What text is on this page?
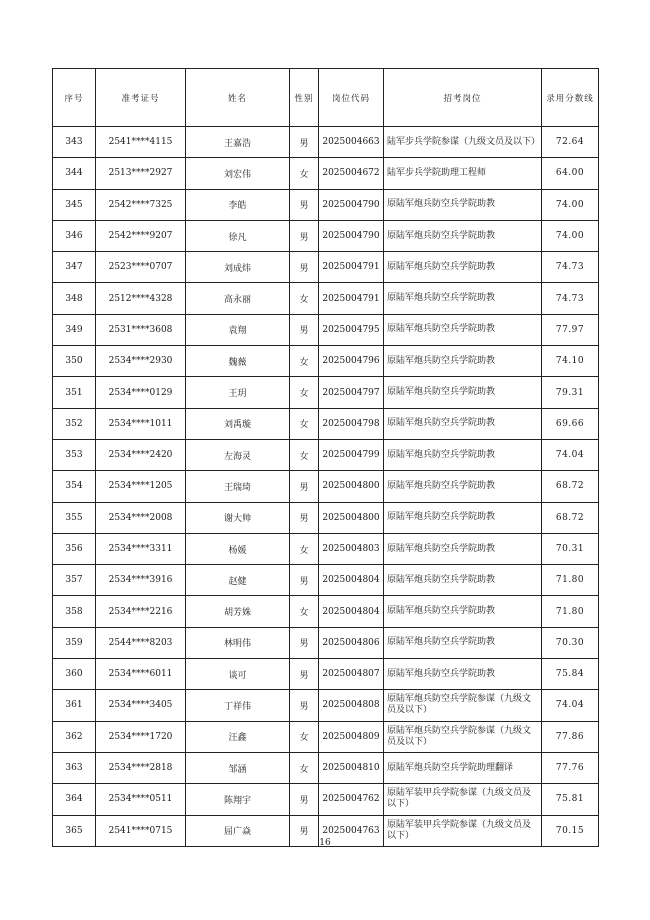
序号	准考证号	姓名	性别	岗位代码	招考岗位	录用分数线
343	2541****4115	王嘉浩	男	2025004663	陆军步兵学院参谋（九级文员及以下）	72.64
344	2513****2927	刘宏伟	女	2025004672	陆军步兵学院助理工程师	64.00
345	2542****7325	李皓	男	2025004790	原陆军炮兵防空兵学院助教	74.00
346	2542****9207	徐凡	男	2025004790	原陆军炮兵防空兵学院助教	74.00
347	2523****0707	刘成炜	男	2025004791	原陆军炮兵防空兵学院助教	74.73
348	2512****4328	高永丽	女	2025004791	原陆军炮兵防空兵学院助教	74.73
349	2531****3608	袁翔	男	2025004795	原陆军炮兵防空兵学院助教	77.97
350	2534****2930	魏薇	女	2025004796	原陆军炮兵防空兵学院助教	74.10
351	2534****0129	王玥	女	2025004797	原陆军炮兵防空兵学院助教	79.31
352	2534****1011	刘禹璇	女	2025004798	原陆军炮兵防空兵学院助教	69.66
353	2534****2420	左海灵	女	2025004799	原陆军炮兵防空兵学院助教	74.04
354	2534****1205	王瑞琦	男	2025004800	原陆军炮兵防空兵学院助教	68.72
355	2534****2008	谢大帅	男	2025004800	原陆军炮兵防空兵学院助教	68.72
356	2534****3311	杨媛	女	2025004803	原陆军炮兵防空兵学院助教	70.31
357	2534****3916	赵健	男	2025004804	原陆军炮兵防空兵学院助教	71.80
358	2534****2216	胡芳姝	女	2025004804	原陆军炮兵防空兵学院助教	71.80
359	2544****8203	林明伟	男	2025004806	原陆军炮兵防空兵学院助教	70.30
360	2534****6011	谈可	男	2025004807	原陆军炮兵防空兵学院助教	75.84
361	2534****3405	丁祥伟	男	2025004808	原陆军炮兵防空兵学院参谋（九级文员及以下）	74.04
362	2534****1720	汪鑫	女	2025004809	原陆军炮兵防空兵学院参谋（九级文员及以下）	77.86
363	2534****2818	邹涵	女	2025004810	原陆军炮兵防空兵学院助理翻译	77.76
364	2534****0511	陈翔宇	男	2025004762	原陆军装甲兵学院参谋（九级文员及以下）	75.81
365	2541****0715	屈广焱	男	2025004763	原陆军装甲兵学院参谋（九级文员及以下）	70.15
16
